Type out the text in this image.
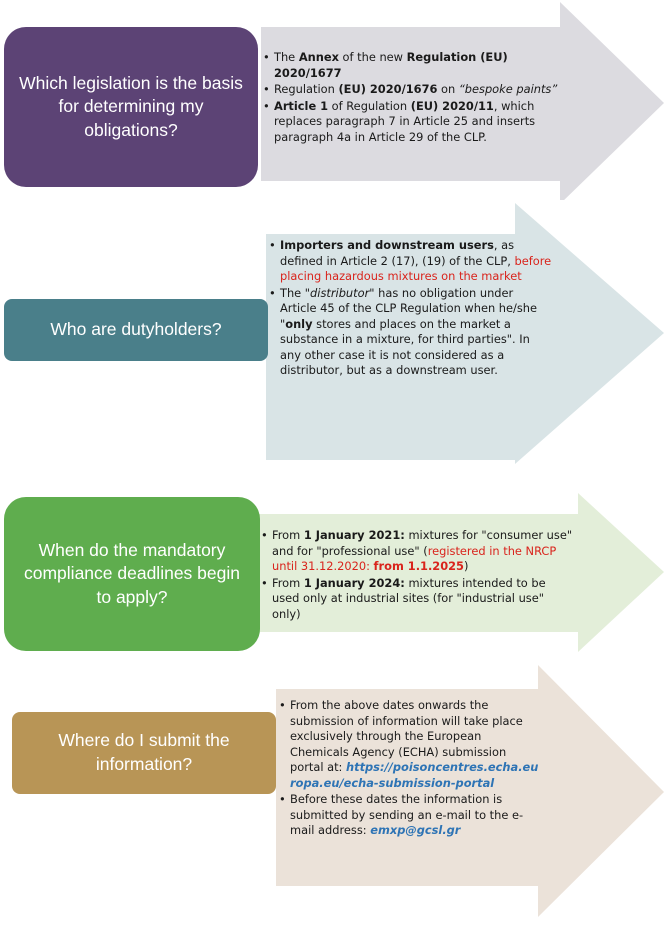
Which legislation is the basis for determining my obligations?
• The Annex of the new Regulation (EU) 2020/1677
• Regulation (EU) 2020/1676 on “bespoke paints”
• Article 1 of Regulation (EU) 2020/11, which replaces paragraph 7 in Article 25 and inserts paragraph 4a in Article 29 of the CLP.
Who are dutyholders?
• Importers and downstream users, as defined in Article 2 (17), (19) of the CLP, before placing hazardous mixtures on the market
• The "distributor" has no obligation under Article 45 of the CLP Regulation when he/she "only stores and places on the market a substance in a mixture, for third parties". In any other case it is not considered as a distributor, but as a downstream user.
When do the mandatory compliance deadlines begin to apply?
• From 1 January 2021: mixtures for "consumer use" and for "professional use" (registered in the NRCP until 31.12.2020: from 1.1.2025)
• From 1 January 2024: mixtures intended to be used only at industrial sites (for "industrial use" only)
Where do I submit the information?
• From the above dates onwards the submission of information will take place exclusively through the European Chemicals Agency (ECHA) submission portal at: https://poisoncentres.echa.europa.eu/echa-submission-portal
• Before these dates the information is submitted by sending an e-mail to the e-mail address: emxp@gcsl.gr
